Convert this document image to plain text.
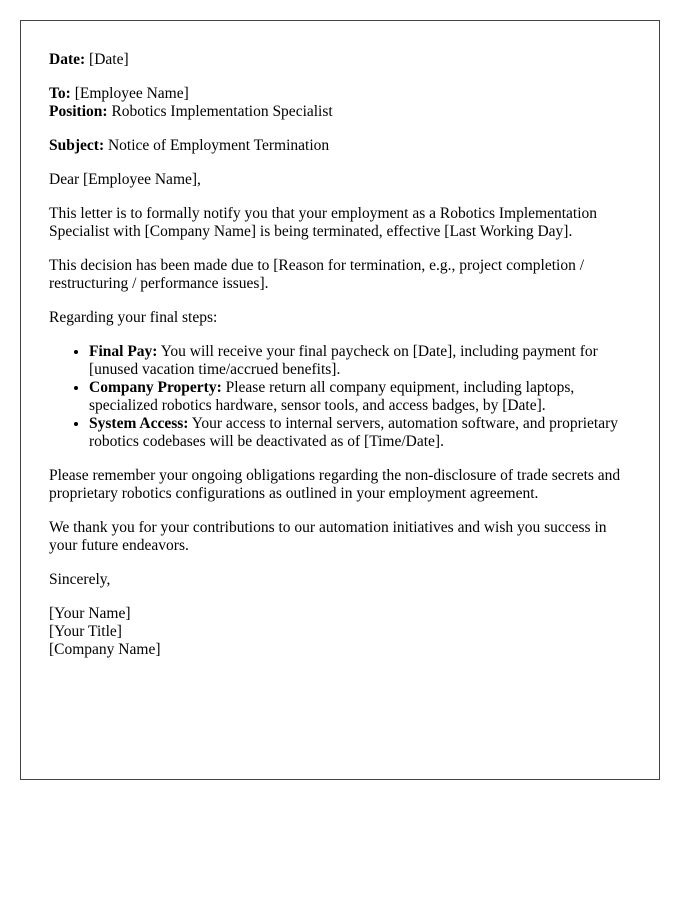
Date: [Date]

To: [Employee Name]

Position: Robotics Implementation Specialist

Subject: Notice of Employment Termination

Dear [Employee Name],

This letter is to formally notify you that your employment as a Robotics Implementation Specialist with [Company Name] is being terminated, effective [Last Working Day].

This decision has been made due to [Reason for termination, e.g., project completion / restructuring / performance issues].

Regarding your final steps:

• Final Pay: You will receive your final paycheck on [Date], including payment for [unused vacation time/accrued benefits].
• Company Property: Please return all company equipment, including laptops, specialized robotics hardware, sensor tools, and access badges, by [Date].
• System Access: Your access to internal servers, automation software, and proprietary robotics codebases will be deactivated as of [Time/Date].

Please remember your ongoing obligations regarding the non-disclosure of trade secrets and proprietary robotics configurations as outlined in your employment agreement.

We thank you for your contributions to our automation initiatives and wish you success in your future endeavors.

Sincerely,

[Your Name]

[Your Title]

[Company Name]
